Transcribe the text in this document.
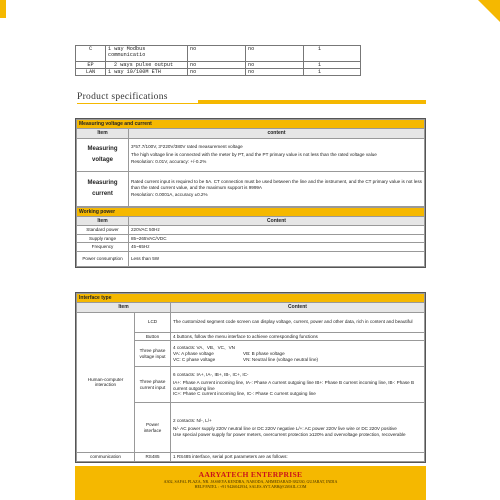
C	1 way Modbus communicatio	no	no	1
EP	2 ways pulse output	no	no	1
LAN	1 way 10/100M ETH	no	no	1
Product specifications
Measuring voltage and current	
Item	content
Measuring voltage	3*57.7/100V, 3*220V/380V rated measurement voltage
The high voltage line is connected with the meter by PT, and the PT primary value is not less than the rated voltage value
Resolution: 0.01V, accuracy: +/-0.2%

Measuring current	Rated current input is required to be 5A. CT connection must be used between the line and the instrument, and the CT primary value is not less than the rated current value, and the maximum support is 9999A
Resolution: 0.0001A, accuracy ±0.2%
Working power	
Item	Content
Standard power	220VAC 50Hz
Supply range	85~265VAC/VDC
Frequency	45~65Hz
Power consumption	Less than 5W
Interface type		
Item		Content
Human-computer interaction	LCD	The customized segment code screen can display voltage, current, power and other data, rich in content and beautiful
	Button	4 buttons, follow the menu interface to achieve corresponding functions
	Three phase voltage input	4 contacts: VA、VB、VC、VN
VA: A phase voltage VB: B phase voltage
VC: C phase voltage VN: Neutral line (voltage neutral line)

	Three phase current input	6 contacts: IA+, IA-, IB+, IB-, IC+, IC-
IA+: Phase A current incoming line, IA-: Phase A current outgoing line IB+: Phase B current incoming line, IB-: Phase B current outgoing line
IC+: Phase C current incoming line, IC-: Phase C current outgoing line

	Power interface	2 contacts: N/-, L/+
N/- AC power supply 220V neutral line or DC 220V negative L/+: AC power 220V live wire or DC 220V positive
Use special power supply for power meters, overcurrent protection ≥120% and overvoltage protection, recoverable

communication	RS485	1 RS485 interface, serial port parameters are as follows:
AARYATECH ENTERPRISE
A302, SAFAL PLAZA, NR. JASSEYA KENDRA, NARODA, AHMEDABAD-382330, GUJARAT, INDIA
HELP PATEL : +91 9426042934, SALES.AYT.ABH@GMAIL.COM
